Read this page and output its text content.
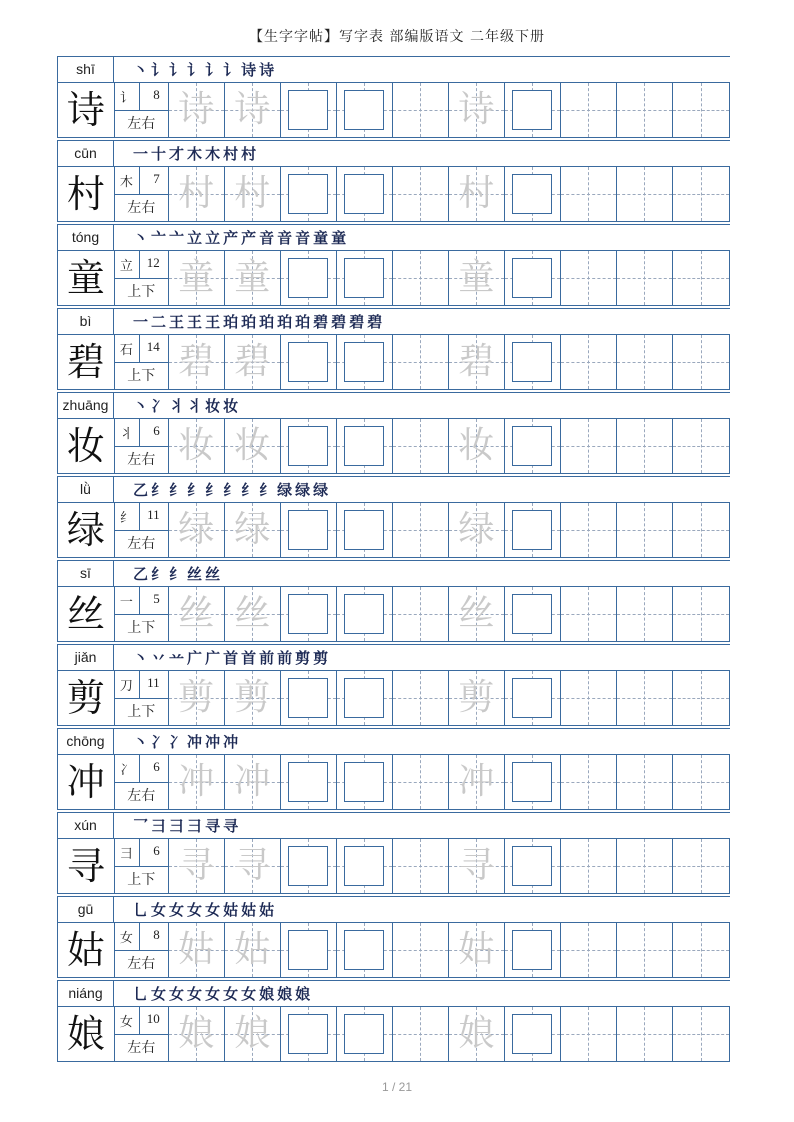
【生字字帖】写字表 部编版语文 二年级下册
shī	丶 讠 讠 讠 讠 讠 诗 诗
诗	讠 8
左右 诗 诗	诗
cūn	一 十 才 木 木 村 村
村	木 7
左右 村 村	村
tóng	丶 亠 亠 立 立 产 产 音 音 音 童 童
童	立 12
上下 童 童	童
bì	一 二 王 王 王 珀 珀 珀 珀 珀 碧 碧 碧 碧
碧	石 14
上下 碧 碧	碧
zhuāng	丶 冫 丬 丬 妆 妆
妆	丬 6
左右 妆 妆	妆
lǜ	乙 纟 纟 纟 纟 纟 纟 纟 绿 绿 绿
绿	纟 11
左右 绿 绿	绿
sī	乙 纟 纟 丝 丝
丝	一 5
上下 丝 丝	丝
jiǎn	丶 丷 䒑 广 广 首 首 前 前 剪 剪
剪	刀 11
上下 剪 剪	剪
chōng	丶 冫 冫 冲 冲 冲
冲	冫 6
左右 冲 冲	冲
xún	乛 彐 彐 彐 寻 寻
寻	彐 6
上下 寻 寻	寻
gū	乚 女 女 女 女 姑 姑 姑
姑	女 8
左右 姑 姑	姑
niáng	乚 女 女 女 女 女 女 娘 娘 娘
娘	女 10
左右 娘 娘	娘
1 / 21
